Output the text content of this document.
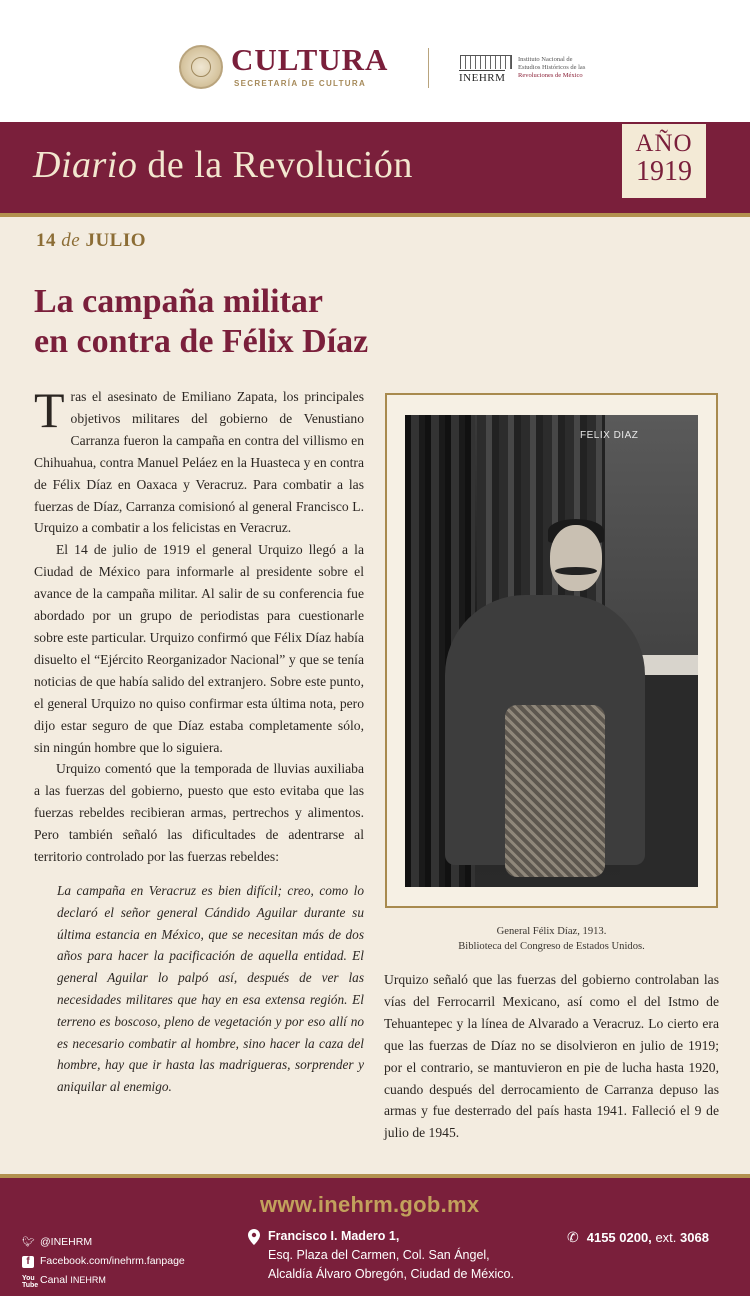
CULTURA
SECRETARÍA DE CULTURA	INEHRM
Instituto Nacional de
Estudios Históricos de las
Revoluciones de México
Diario de la Revolución
AÑO
1919
14 de JULIO
La campaña militar
en contra de Félix Díaz

Tras el asesinato de Emiliano Zapata, los principales objetivos militares del gobierno de Venustiano Carranza fueron la campaña en contra del villismo en Chihuahua, contra Manuel Peláez en la Huasteca y en contra de Félix Díaz en Oaxaca y Veracruz. Para combatir a las fuerzas de Díaz, Carranza comisionó al general Francisco L. Urquizo a combatir a los felicistas en Veracruz.

El 14 de julio de 1919 el general Urquizo llegó a la Ciudad de México para informarle al presidente sobre el avance de la campaña militar. Al salir de su conferencia fue abordado por un grupo de periodistas para cuestionarle sobre este particular. Urquizo confirmó que Félix Díaz había disuelto el “Ejército Reorganizador Nacional” y que se tenía noticias de que había salido del extranjero. Sobre este punto, el general Urquizo no quiso confirmar esta última nota, pero dijo estar seguro de que Díaz estaba completamente sólo, sin ningún hombre que lo siguiera.

Urquizo comentó que la temporada de lluvias auxiliaba a las fuerzas del gobierno, puesto que esto evitaba que las fuerzas rebeldes recibieran armas, pertrechos y alimentos. Pero también señaló las dificultades de adentrarse al territorio controlado por las fuerzas rebeldes:

La campaña en Veracruz es bien difícil; creo, como lo declaró el señor general Cándido Aguilar durante su última estancia en México, que se necesitan más de dos años para hacer la pacificación de aquella entidad. El general Aguilar lo palpó así, después de ver las necesidades militares que hay en esa extensa región. El terreno es boscoso, pleno de vegetación y por eso allí no es necesario combatir al hombre, sino hacer la caza del hombre, hay que ir hasta las madrigueras, sorprender y aniquilar al enemigo.

FELIX DIAZ
General Félix Díaz, 1913.
Biblioteca del Congreso de Estados Unidos.
Urquizo señaló que las fuerzas del gobierno controlaban las vías del Ferrocarril Mexicano, así como el del Istmo de Tehuantepec y la línea de Alvarado a Veracruz. Lo cierto era que las fuerzas de Díaz no se disolvieron en julio de 1919; por el contrario, se mantuvieron en pie de lucha hasta 1920, cuando después del derrocamiento de Carranza depuso las armas y fue desterrado del país hasta 1941. Falleció el 9 de julio de 1945.
www.inehrm.gob.mx
🐦︎ @INEHRM
f Facebook.com/inehrm.fanpage
You
Tube Canal
INEHRM
Francisco I. Madero 1,
Esq. Plaza del Carmen, Col. San Ángel,
Alcaldía Álvaro Obregón, Ciudad de México.
✆ 4155 0200, ext. 3068
